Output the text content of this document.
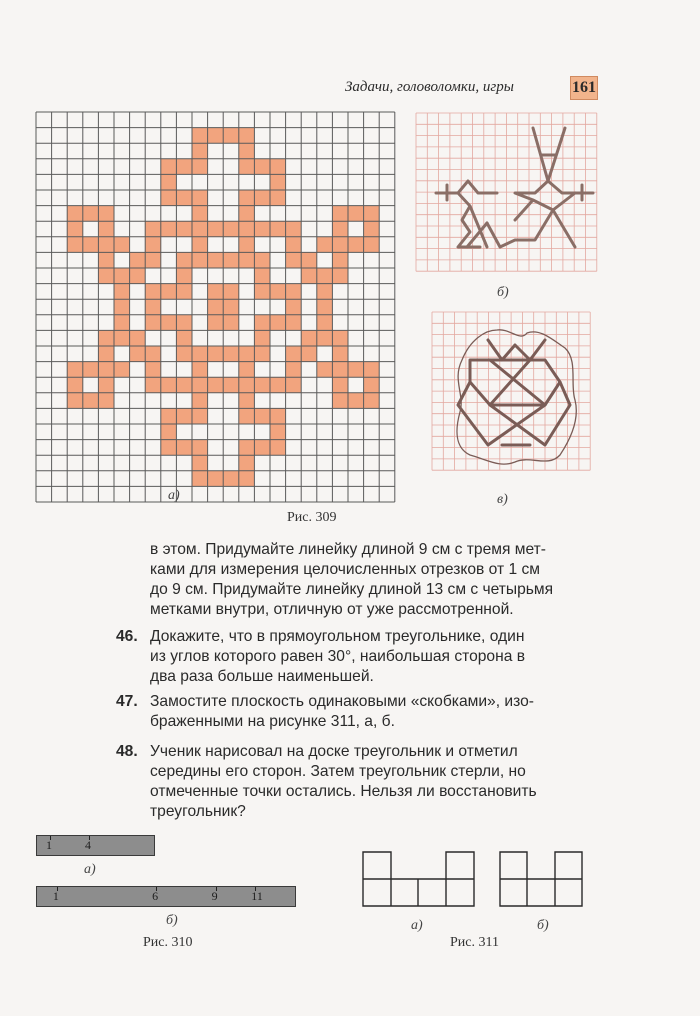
Задачи, головоломки, игры	161
а)
б)
в)
Рис. 309

в этом. Придумайте линейку длиной 9 см с тремя мет-

ками для измерения целочисленных отрезков от 1 см

до 9 см. Придумайте линейку длиной 13 см с четырьмя

метками внутри, отличную от уже рассмотренной.

46. Докажите, что в прямоугольном треугольнике, один

из углов которого равен 30°, наибольшая сторона в

два раза больше наименьшей.

47. Замостите плоскость одинаковыми «скобками», изо-

браженными на рисунке 311, а, б.

48. Ученик нарисовал на доске треугольник и отметил

середины его сторон. Затем треугольник стерли, но

отмеченные точки остались. Нельзя ли восстановить

треугольник?

1	4
а)
1	6	9	11
б)
Рис. 310
а)	б)
Рис. 311
